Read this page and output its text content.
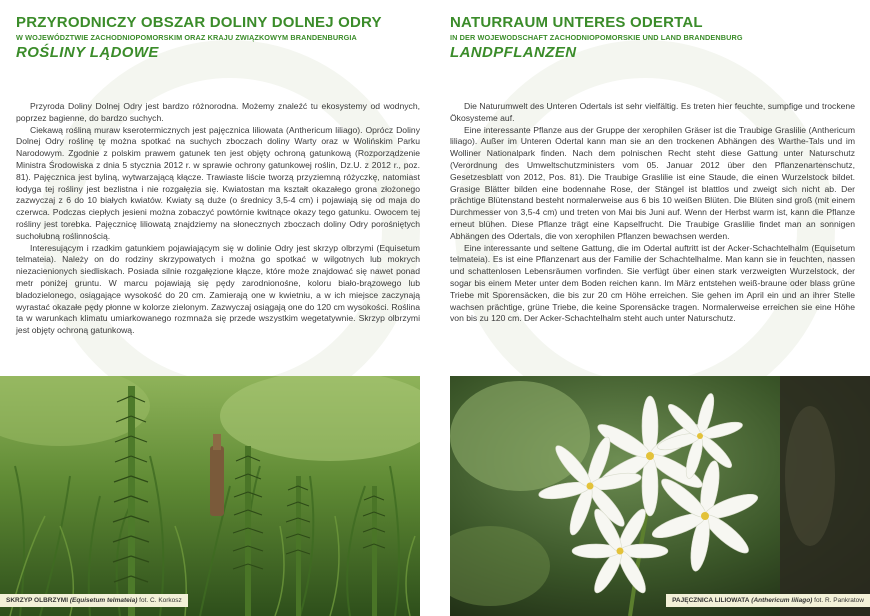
PRZYRODNICZY OBSZAR DOLINY DOLNEJ ODRY
W WOJEWÓDZTWIE ZACHODNIOPOMORSKIM ORAZ KRAJU ZWIĄZKOWYM BRANDENBURGIA
ROŚLINY LĄDOWE

Przyroda Doliny Dolnej Odry jest bardzo różnorodna. Możemy znaleźć tu ekosystemy od wodnych, poprzez bagienne, do bardzo suchych.

Ciekawą rośliną muraw kserotermicznych jest pajęcznica liliowata (Anthericum liliago). Oprócz Doliny Dolnej Odry roślinę tę można spotkać na suchych zboczach doliny Warty oraz w Wolińskim Parku Narodowym. Zgodnie z polskim prawem gatunek ten jest objęty ochroną gatunkową (Rozporządzenie Ministra Środowiska z dnia 5 stycznia 2012 r. w sprawie ochrony gatunkowej roślin, Dz.U. z 2012 r., poz. 81). Pajęcznica jest byliną, wytwarzającą kłącze. Trawiaste liście tworzą przyziemną różyczkę, natomiast łodyga tej rośliny jest bezlistna i nie rozgałęzia się. Kwiatostan ma kształt okazałego grona złożonego zazwyczaj z 6 do 10 białych kwiatów. Kwiaty są duże (o średnicy 3,5-4 cm) i pojawiają się od maja do czerwca. Podczas ciepłych jesieni można zobaczyć powtórnie kwitnące okazy tego gatunku. Owocem tej rośliny jest torebka. Pajęcznicę liliowatą znajdziemy na słonecznych zboczach doliny Odry porośniętych suchołubną roślinnością.

Interesującym i rzadkim gatunkiem pojawiającym się w dolinie Odry jest skrzyp olbrzymi (Equisetum telmateia). Należy on do rodziny skrzypowatych i można go spotkać w wilgotnych lub mokrych niezacienionych siedliskach. Posiada silnie rozgałęzione kłącze, które może znajdować się nawet ponad metr poniżej gruntu. W marcu pojawiają się pędy zarodnionośne, koloru biało-brązowego lub bladozielonego, osiągające wysokość do 20 cm. Zamierają one w kwietniu, a w ich miejsce zaczynają wyrastać okazałe pędy płonne w kolorze zielonym. Zazwyczaj osiągają one do 120 cm wysokości. Roślina ta w warunkach klimatu umiarkowanego rozmnaża się przede wszystkim wegetatywnie. Skrzyp olbrzymi jest objęty ochroną gatunkową.

SKRZYP OLBRZYMI (Equisetum telmateia) fot. C. Korkosz
NATURRAUM UNTERES ODERTAL
IN DER WOJEWODSCHAFT ZACHODNIOPOMORSKIE UND LAND BRANDENBURG
LANDPFLANZEN

Die Naturumwelt des Unteren Odertals ist sehr vielfältig. Es treten hier feuchte, sumpfige und trockene Ökosysteme auf.

Eine interessante Pflanze aus der Gruppe der xerophilen Gräser ist die Traubige Graslilie (Anthericum liliago). Außer im Unteren Odertal kann man sie an den trockenen Abhängen des Warthe-Tals und im Wolliner Nationalpark finden. Nach dem polnischen Recht steht diese Gattung unter Naturschutz (Verordnung des Umweltschutzministers vom 05. Januar 2012 über den Pflanzenartenschutz, Gesetzesblatt von 2012, Pos. 81). Die Traubige Graslilie ist eine Staude, die einen Wurzelstock bildet. Grasige Blätter bilden eine bodennahe Rose, der Stängel ist blattlos und zweigt sich nicht ab. Der prächtige Blütenstand besteht normalerweise aus 6 bis 10 weißen Blüten. Die Blüten sind groß (mit einem Durchmesser von 3,5-4 cm) und treten von Mai bis Juni auf. Wenn der Herbst warm ist, kann die Pflanze erneut blühen. Diese Pflanze trägt eine Kapselfrucht. Die Traubige Graslilie findet man an sonnigen Abhängen des Odertals, die von xerophilen Pflanzen bewachsen werden.

Eine interessante und seltene Gattung, die im Odertal auftritt ist der Acker-Schachtelhalm (Equisetum telmateia). Es ist eine Pflanzenart aus der Familie der Schachtelhalme. Man kann sie in feuchten, nassen und schattenlosen Lebensräumen vorfinden. Sie verfügt über einen stark verzweigten Wurzelstock, der sogar bis einem Meter unter dem Boden reichen kann. Im März entstehen weiß-braune oder blass grüne Triebe mit Sporensäcken, die bis zur 20 cm Höhe erreichen. Sie gehen im April ein und an ihrer Stelle wachsen prächtige, grüne Triebe, die keine Sporensäcke tragen. Normalerweise erreichen sie eine Höhe von bis zu 120 cm. Der Acker-Schachtelhalm steht auch unter Naturschutz.

PAJĘCZNICA LILIOWATA (Anthericum liliago) fot. R. Pankratow
